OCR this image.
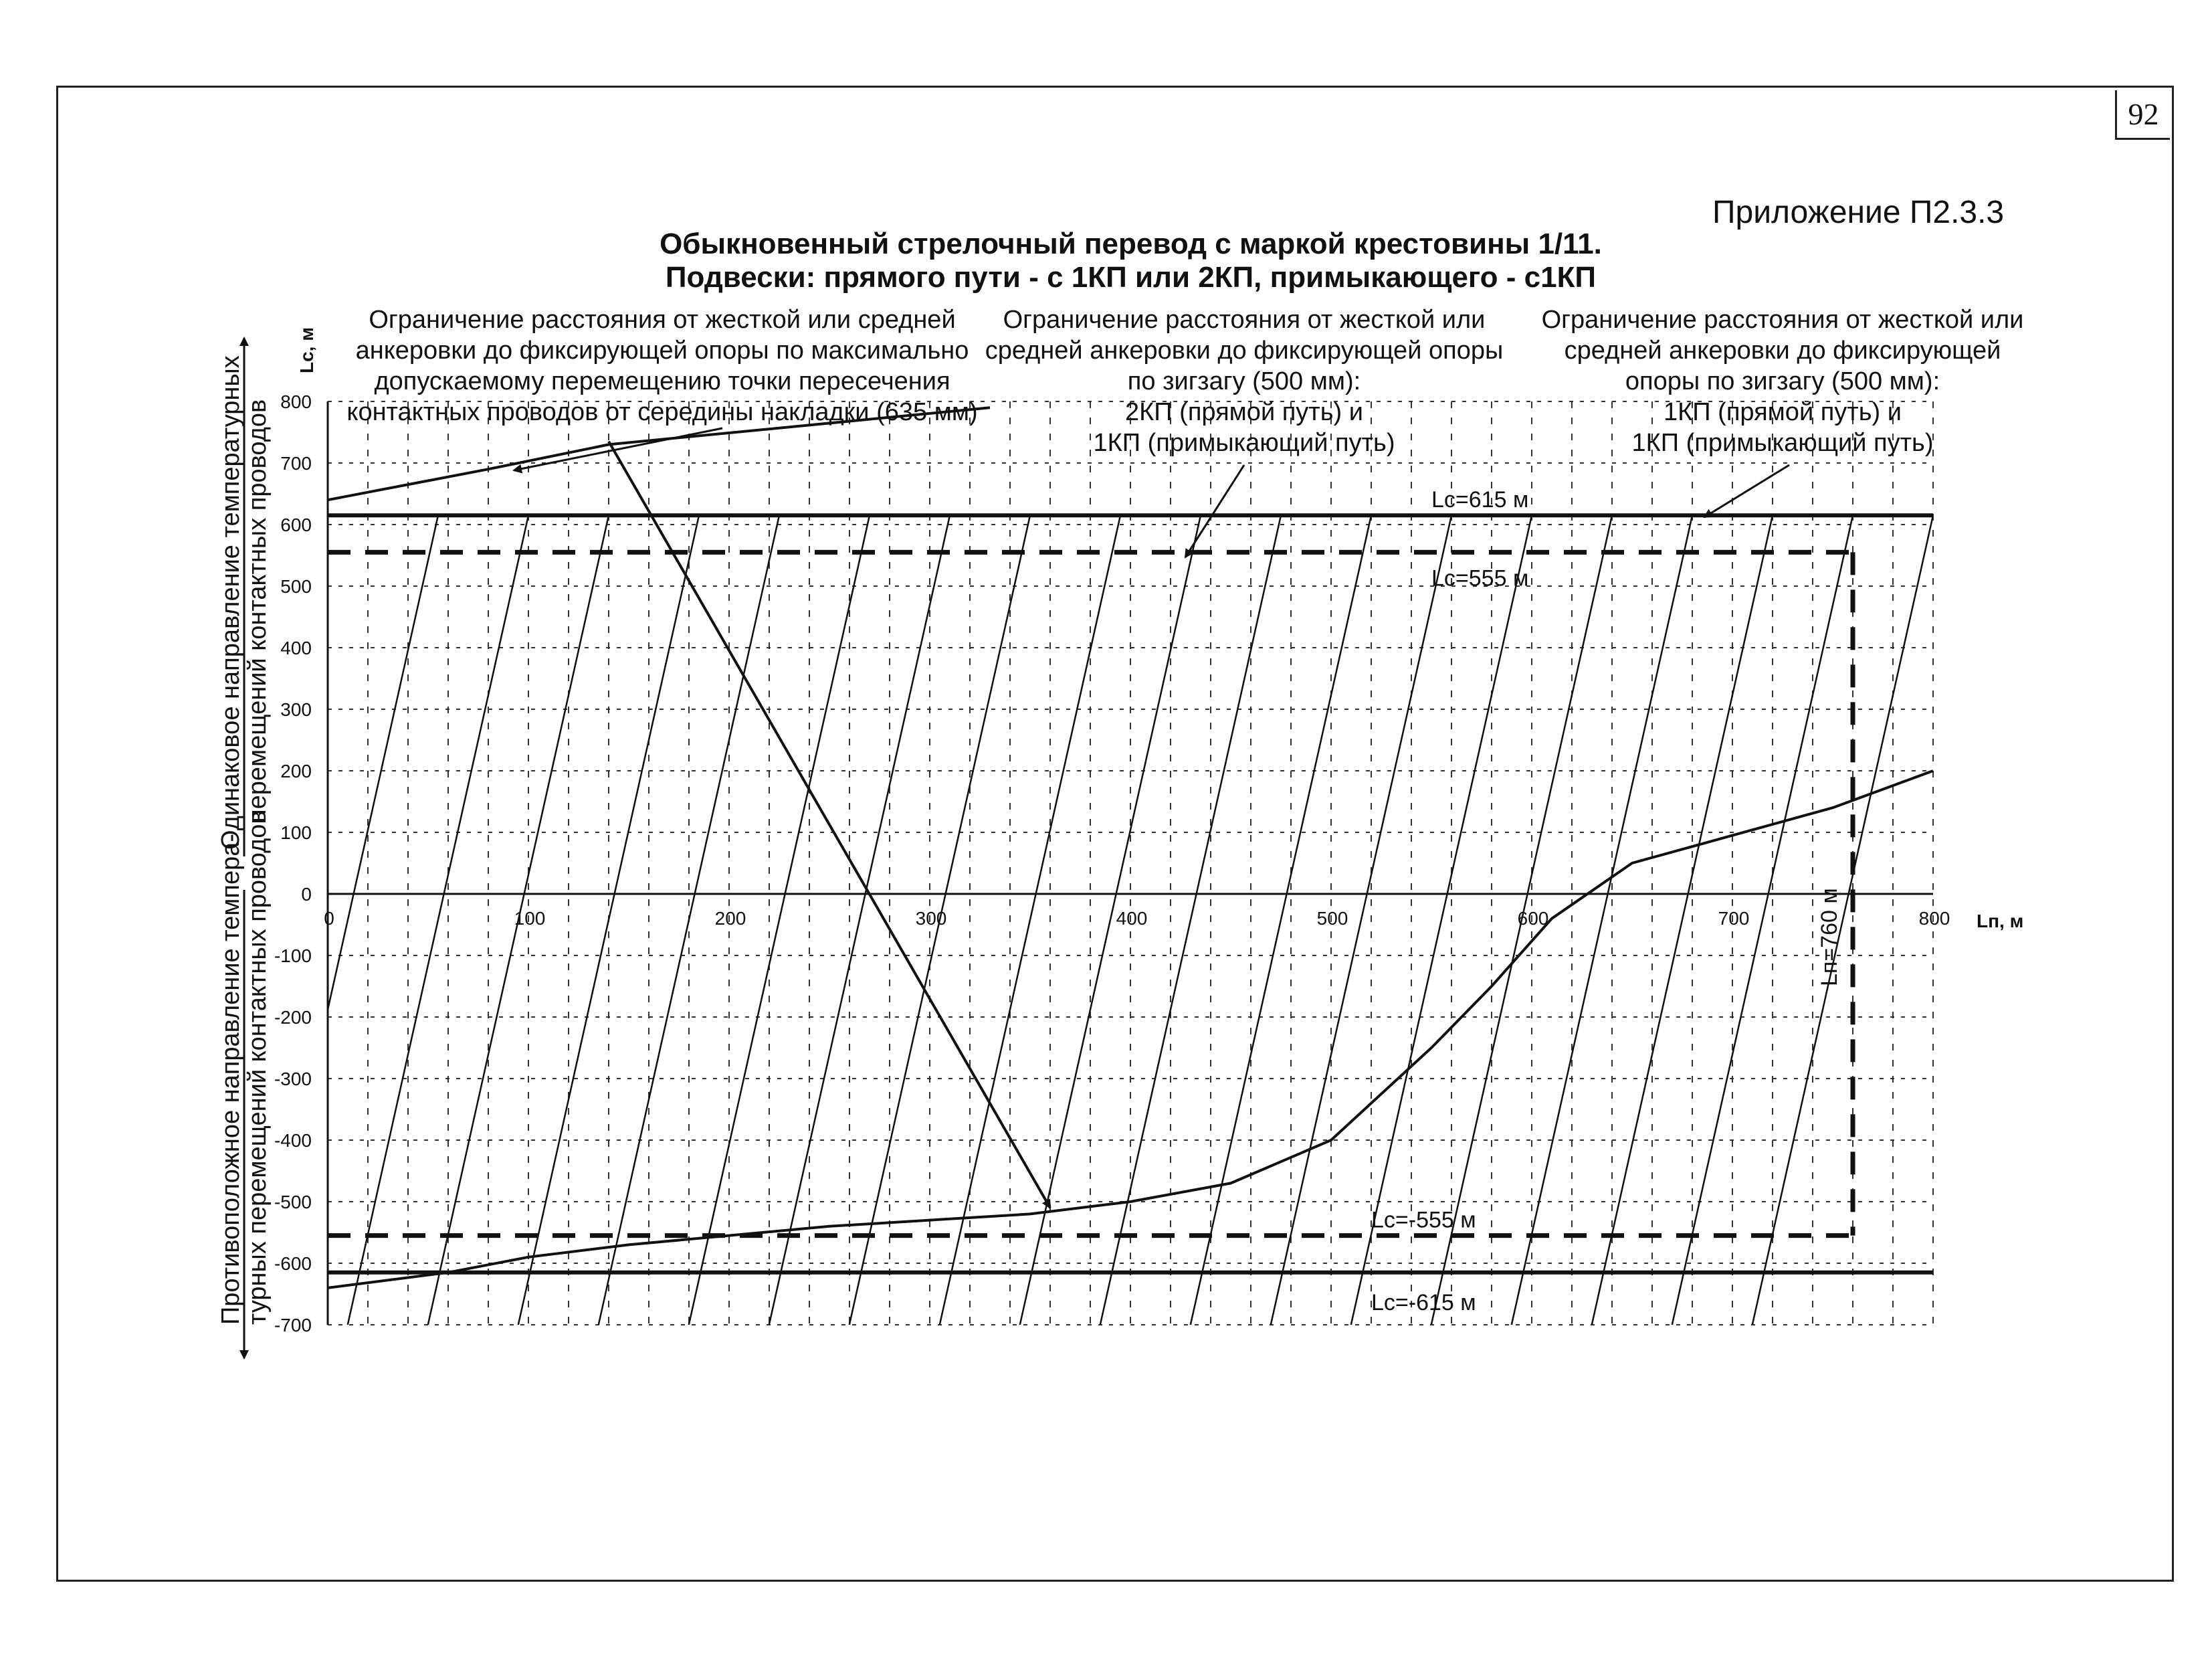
92
Приложение П2.3.3
Обыкновенный стрелочный перевод с маркой крестовины 1/11.
Подвески: прямого пути - с 1КП или 2КП, примыкающего - с1КП
Lc=615 м
Lc=555 м
Lc=-555 м
Lc=-615 м
Lп=760 м
0	100	200	300	400	500	600	700	800
800
700
600
500
400
300
200
100
0
-100
-200
-300
-400
-500
-600
-700
Одинаковое направление температурных
перемещений контактных проводов
Противоположное направление темпера-
турных перемещений контактных проводов
Lс, м
Lп, м
Ограничение расстояния от жесткой или средней
анкеровки до фиксирующей опоры по максимально
допускаемому перемещению точки пересечения
контактных проводов от середины накладки (635 мм)
Ограничение расстояния от жесткой или
средней анкеровки до фиксирующей опоры
по зигзагу (500 мм):
2КП (прямой путь) и
1КП (примыкающий путь)
Ограничение расстояния от жесткой или
средней анкеровки до фиксирующей
опоры по зигзагу (500 мм):
1КП (прямой путь) и
1КП (примыкающий путь)
